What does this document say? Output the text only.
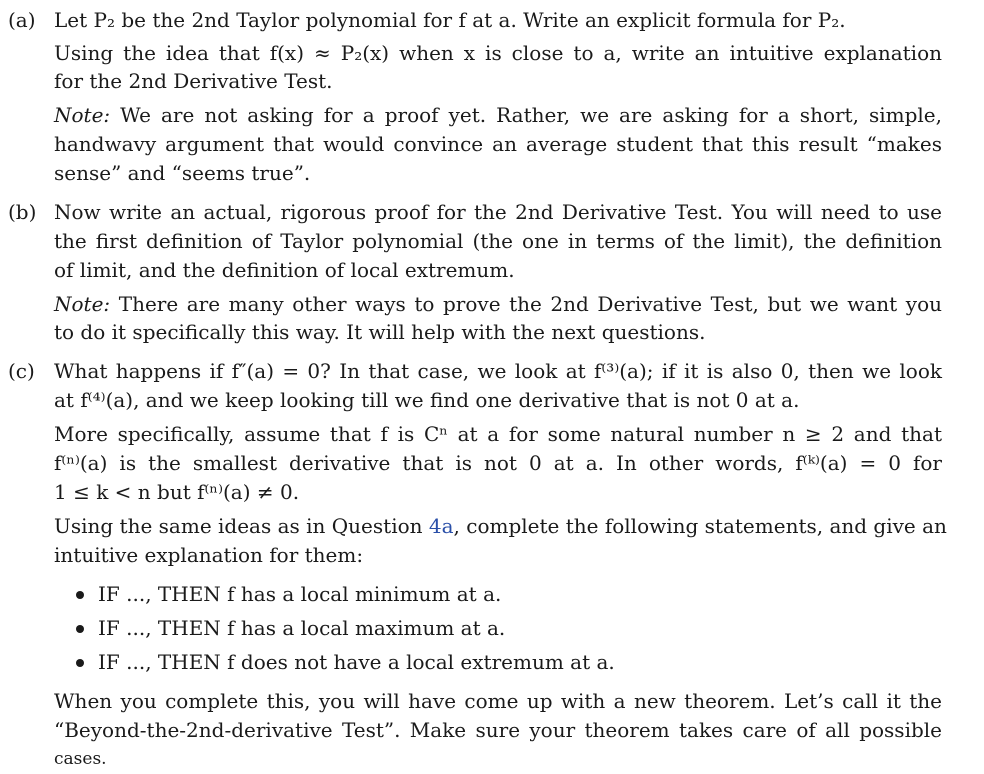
(a) Let P₂ be the 2nd Taylor polynomial for f at a. Write an explicit formula for P₂.
Using the idea that f(x) ≈ P₂(x) when x is close to a, write an intuitive explanation
for the 2nd Derivative Test.
Note: We are not asking for a proof yet. Rather, we are asking for a short, simple,
handwavy argument that would convince an average student that this result “makes
sense” and “seems true”.
(b) Now write an actual, rigorous proof for the 2nd Derivative Test. You will need to use
the first definition of Taylor polynomial (the one in terms of the limit), the definition
of limit, and the definition of local extremum.
Note: There are many other ways to prove the 2nd Derivative Test, but we want you
to do it specifically this way. It will help with the next questions.
(c) What happens if f″(a) = 0? In that case, we look at f⁽³⁾(a); if it is also 0, then we look
at f⁽⁴⁾(a), and we keep looking till we find one derivative that is not 0 at a.
More specifically, assume that f is Cⁿ at a for some natural number n ≥ 2 and that
f⁽ⁿ⁾(a) is the smallest derivative that is not 0 at a. In other words, f⁽ᵏ⁾(a) = 0 for
1 ≤ k < n but f⁽ⁿ⁾(a) ≠ 0.
Using the same ideas as in Question 4a, complete the following statements, and give an
intuitive explanation for them:
IF ..., THEN f has a local minimum at a.
IF ..., THEN f has a local maximum at a.
IF ..., THEN f does not have a local extremum at a.
When you complete this, you will have come up with a new theorem. Let’s call it the
“Beyond-the-2nd-derivative Test”. Make sure your theorem takes care of all possible
cases.
